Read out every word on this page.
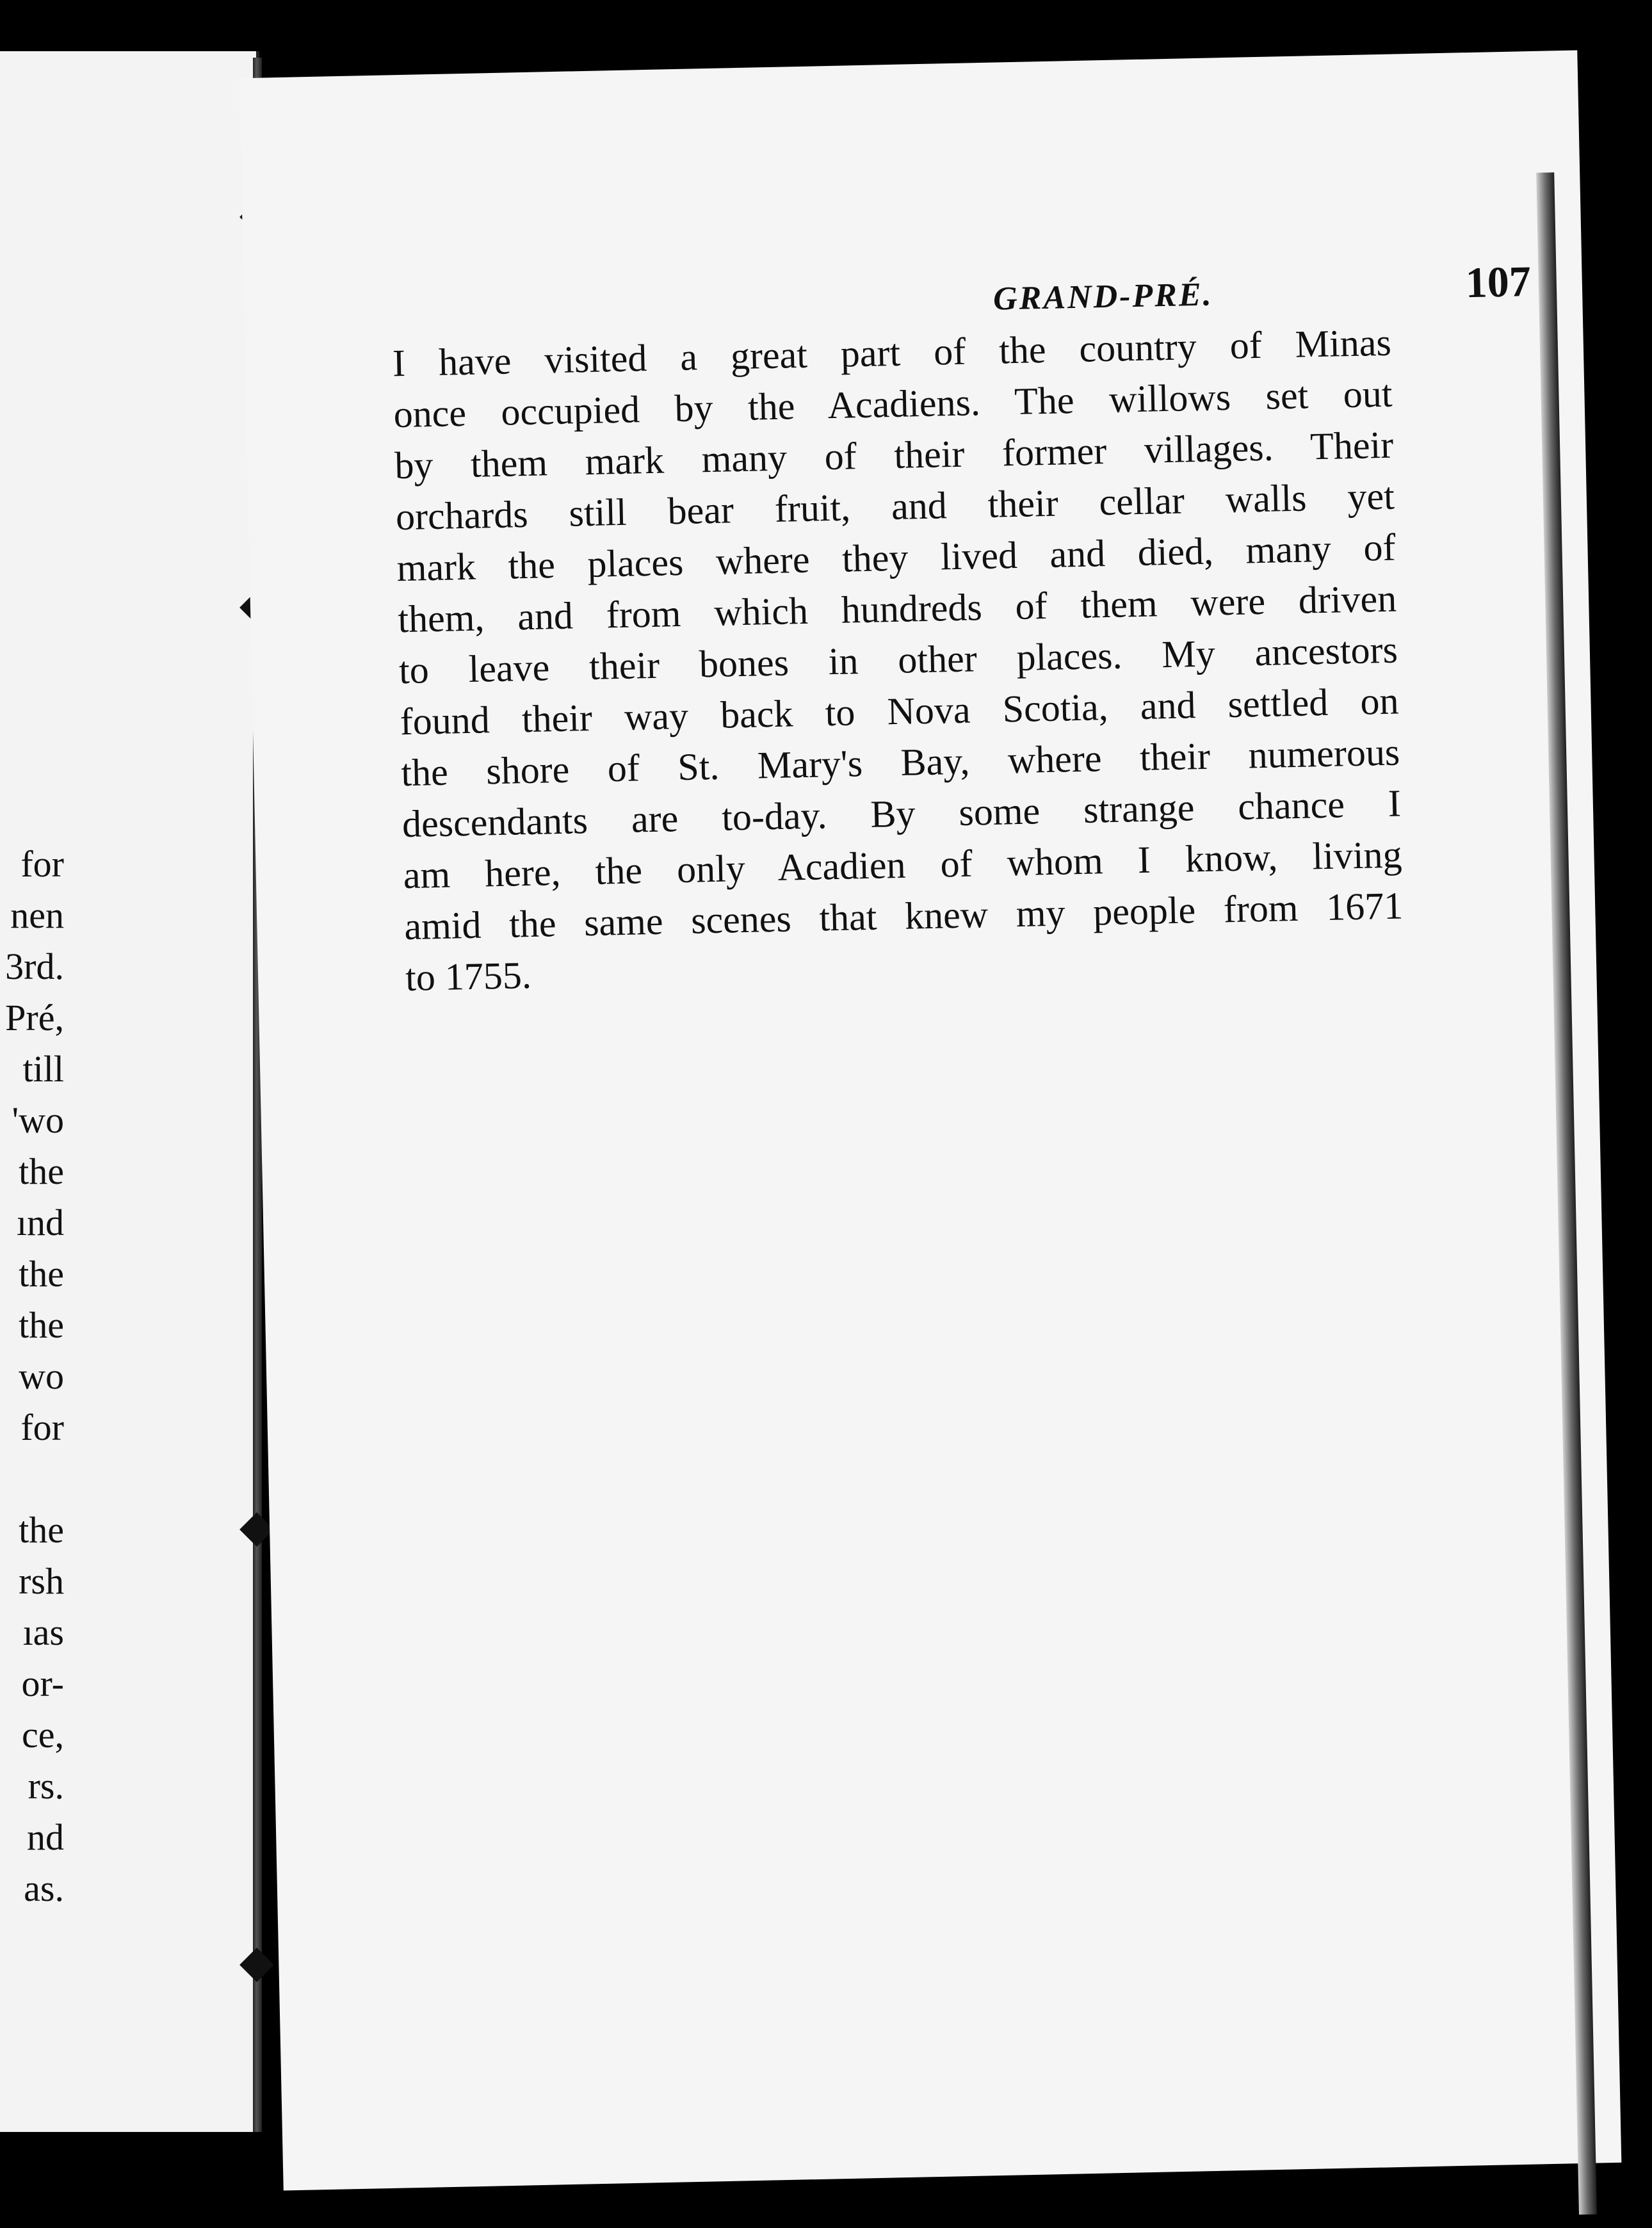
for
nen
3rd.
Pré,
till
'wo
the
ınd
the
the
wo
for
the
rsh
ıas
or-
ce,
rs.
nd
as.
GRAND-PRÉ.	107
I have visited a great part of the country of Minas
once occupied by the Acadiens. The willows set out
by them mark many of their former villages. Their
orchards still bear fruit, and their cellar walls yet
mark the places where they lived and died, many of
them, and from which hundreds of them were driven
to leave their bones in other places. My ancestors
found their way back to Nova Scotia, and settled on
the shore of St. Mary's Bay, where their numerous
descendants are to-day. By some strange chance I
am here, the only Acadien of whom I know, living
amid the same scenes that knew my people from 1671
to 1755.
